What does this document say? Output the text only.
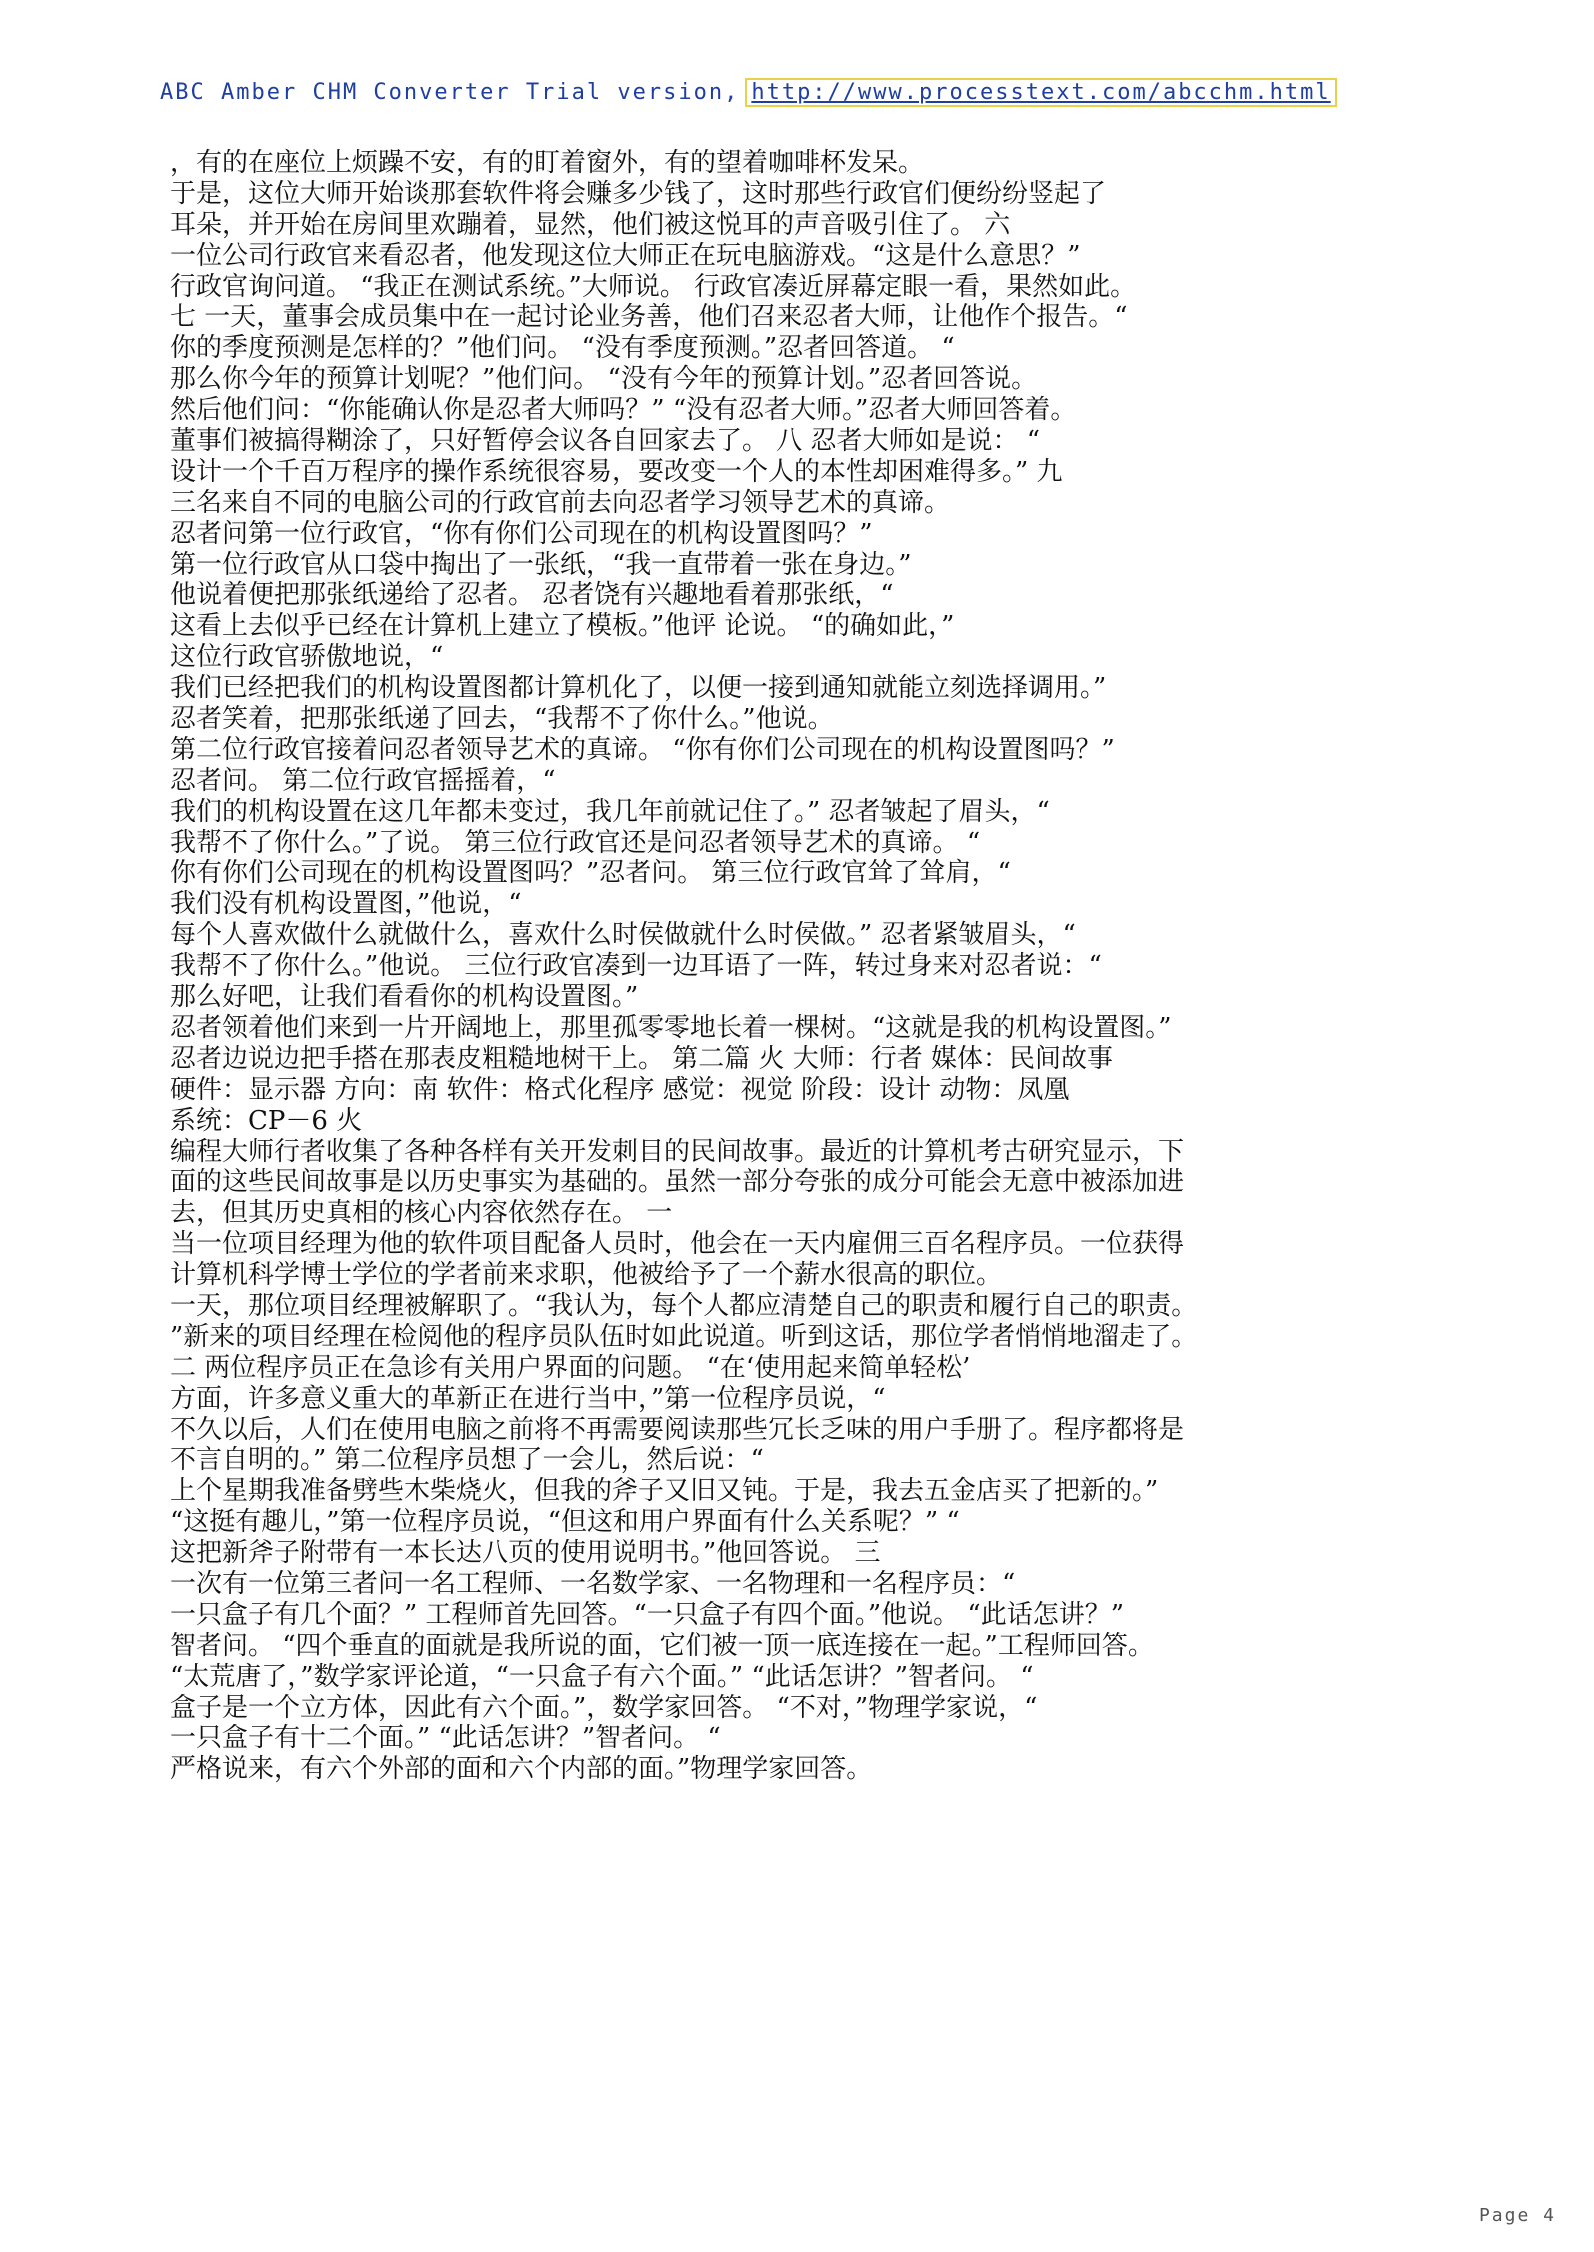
ABC Amber CHM Converter Trial version, http://www.processtext.com/abcchm.html
，有的在座位上烦躁不安，有的盯着窗外，有的望着咖啡杯发呆。
于是，这位大师开始谈那套软件将会赚多少钱了，这时那些行政官们便纷纷竖起了
耳朵，并开始在房间里欢蹦着，显然，他们被这悦耳的声音吸引住了。 六
一位公司行政官来看忍者，他发现这位大师正在玩电脑游戏。“这是什么意思？”
行政官询问道。 “我正在测试系统。”大师说。 行政官凑近屏幕定眼一看，果然如此。
七 一天，董事会成员集中在一起讨论业务善，他们召来忍者大师，让他作个报告。“
你的季度预测是怎样的？”他们问。 “没有季度预测。”忍者回答道。 “
那么你今年的预算计划呢？”他们问。 “没有今年的预算计划。”忍者回答说。
然后他们问：“你能确认你是忍者大师吗？” “没有忍者大师。”忍者大师回答着。
董事们被搞得糊涂了，只好暂停会议各自回家去了。 八 忍者大师如是说： “
设计一个千百万程序的操作系统很容易，要改变一个人的本性却困难得多。” 九
三名来自不同的电脑公司的行政官前去向忍者学习领导艺术的真谛。
忍者问第一位行政官，“你有你们公司现在的机构设置图吗？”
第一位行政官从口袋中掏出了一张纸，“我一直带着一张在身边。”
他说着便把那张纸递给了忍者。 忍者饶有兴趣地看着那张纸，“
这看上去似乎已经在计算机上建立了模板。”他评 论说。 “的确如此，”
这位行政官骄傲地说，“
我们已经把我们的机构设置图都计算机化了，以便一接到通知就能立刻选择调用。”
忍者笑着，把那张纸递了回去，“我帮不了你什么。”他说。
第二位行政官接着问忍者领导艺术的真谛。 “你有你们公司现在的机构设置图吗？”
忍者问。 第二位行政官摇摇着，“
我们的机构设置在这几年都未变过，我几年前就记住了。” 忍者皱起了眉头，“
我帮不了你什么。”了说。 第三位行政官还是问忍者领导艺术的真谛。 “
你有你们公司现在的机构设置图吗？”忍者问。 第三位行政官耸了耸肩，“
我们没有机构设置图，”他说，“
每个人喜欢做什么就做什么，喜欢什么时侯做就什么时侯做。” 忍者紧皱眉头，“
我帮不了你什么。”他说。 三位行政官凑到一边耳语了一阵，转过身来对忍者说：“
那么好吧，让我们看看你的机构设置图。”
忍者领着他们来到一片开阔地上，那里孤零零地长着一棵树。“这就是我的机构设置图。”
忍者边说边把手搭在那表皮粗糙地树干上。 第二篇 火 大师：行者 媒体：民间故事
硬件：显示器 方向：南 软件：格式化程序 感觉：视觉 阶段：设计 动物：凤凰
系统：CP－6 火
编程大师行者收集了各种各样有关开发刺目的民间故事。最近的计算机考古研究显示，下
面的这些民间故事是以历史事实为基础的。虽然一部分夸张的成分可能会无意中被添加进
去，但其历史真相的核心内容依然存在。 一
当一位项目经理为他的软件项目配备人员时，他会在一天内雇佣三百名程序员。一位获得
计算机科学博士学位的学者前来求职，他被给予了一个薪水很高的职位。
一天，那位项目经理被解职了。“我认为，每个人都应清楚自己的职责和履行自己的职责。
”新来的项目经理在检阅他的程序员队伍时如此说道。听到这话，那位学者悄悄地溜走了。
二 两位程序员正在急诊有关用户界面的问题。 “在‘使用起来简单轻松’
方面，许多意义重大的革新正在进行当中，”第一位程序员说，“
不久以后，人们在使用电脑之前将不再需要阅读那些冗长乏味的用户手册了。程序都将是
不言自明的。” 第二位程序员想了一会儿，然后说：“
上个星期我准备劈些木柴烧火，但我的斧子又旧又钝。于是，我去五金店买了把新的。”
“这挺有趣儿，”第一位程序员说，“但这和用户界面有什么关系呢？” “
这把新斧子附带有一本长达八页的使用说明书。”他回答说。 三
一次有一位第三者问一名工程师、一名数学家、一名物理和一名程序员：“
一只盒子有几个面？” 工程师首先回答。“一只盒子有四个面。”他说。 “此话怎讲？”
智者问。 “四个垂直的面就是我所说的面，它们被一顶一底连接在一起。”工程师回答。
“太荒唐了，”数学家评论道，“一只盒子有六个面。” “此话怎讲？”智者问。 “
盒子是一个立方体，因此有六个面。”，数学家回答。 “不对，”物理学家说，“
一只盒子有十二个面。” “此话怎讲？”智者问。 “
严格说来，有六个外部的面和六个内部的面。”物理学家回答。
Page 4
